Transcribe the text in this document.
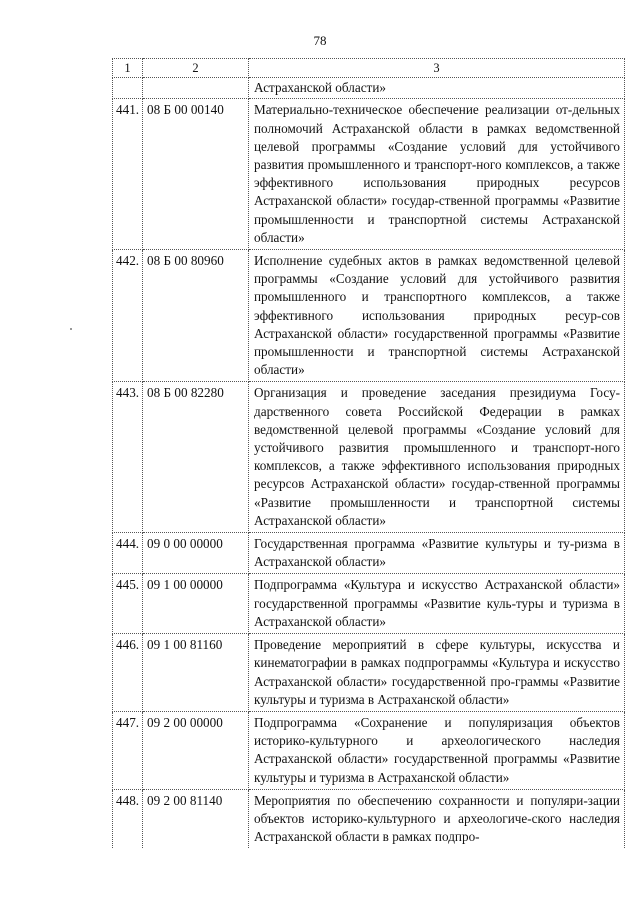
78
1	2	3
		Астраханской области»
441.	08 Б 00 00140	Материально-техническое обеспечение реализации от-дельных полномочий Астраханской области в рамках ведомственной целевой программы «Создание условий для устойчивого развития промышленного и транспорт-ного комплексов, а также эффективного использования природных ресурсов Астраханской области» государ-ственной программы «Развитие промышленности и транспортной системы Астраханской области»
442.	08 Б 00 80960	Исполнение судебных актов в рамках ведомственной целевой программы «Создание условий для устойчивого развития промышленного и транспортного комплексов, а также эффективного использования природных ресур-сов Астраханской области» государственной программы «Развитие промышленности и транспортной системы Астраханской области»
443.	08 Б 00 82280	Организация и проведение заседания президиума Госу-дарственного совета Российской Федерации в рамках ведомственной целевой программы «Создание условий для устойчивого развития промышленного и транспорт-ного комплексов, а также эффективного использования природных ресурсов Астраханской области» государ-ственной программы «Развитие промышленности и транспортной системы Астраханской области»
444.	09 0 00 00000	Государственная программа «Развитие культуры и ту-ризма в Астраханской области»
445.	09 1 00 00000	Подпрограмма «Культура и искусство Астраханской области» государственной программы «Развитие куль-туры и туризма в Астраханской области»
446.	09 1 00 81160	Проведение мероприятий в сфере культуры, искусства и кинематографии в рамках подпрограммы «Культура и искусство Астраханской области» государственной про-граммы «Развитие культуры и туризма в Астраханской области»
447.	09 2 00 00000	Подпрограмма «Сохранение и популяризация объектов историко-культурного и археологического наследия Астраханской области» государственной программы «Развитие культуры и туризма в Астраханской области»
448.	09 2 00 81140	Мероприятия по обеспечению сохранности и популяри-зации объектов историко-культурного и археологиче-ского наследия Астраханской области в рамках подпро-
